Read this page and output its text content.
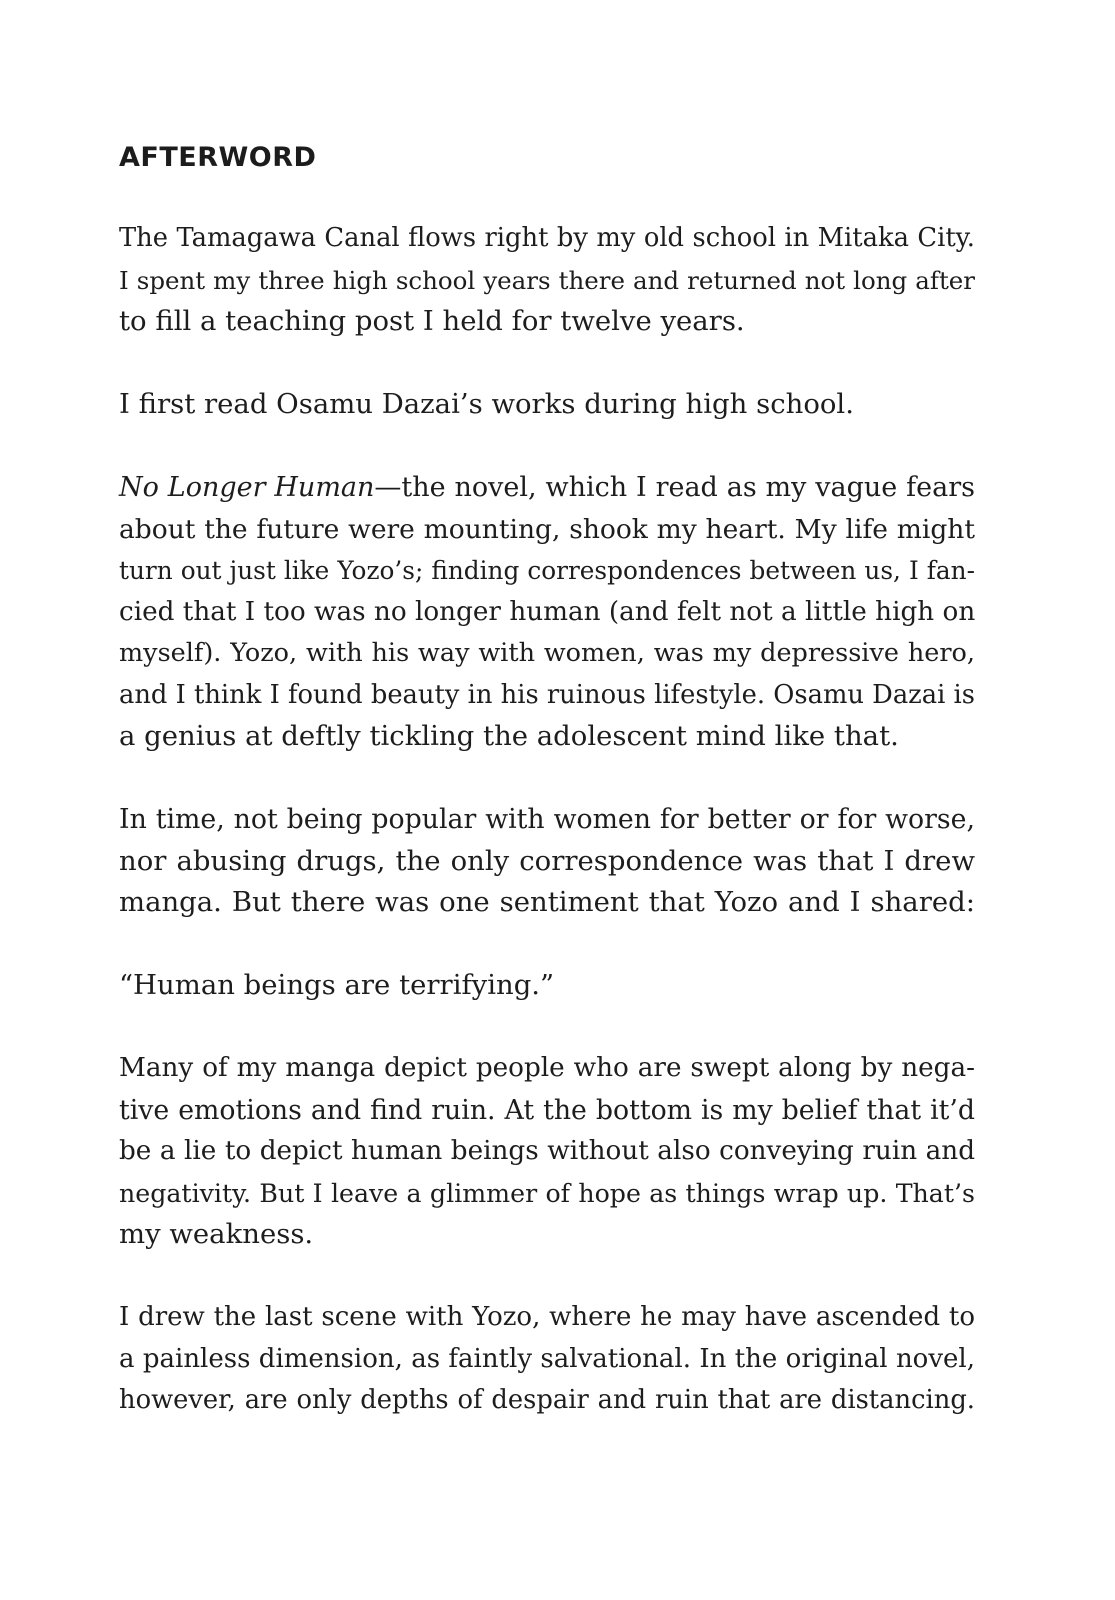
AFTERWORD

The Tamagawa Canal flows right by my old school in Mitaka City.
I spent my three high school years there and returned not long after
to fill a teaching post I held for twelve years.

I first read Osamu Dazai’s works during high school.

No Longer Human—the novel, which I read as my vague fears
about the future were mounting, shook my heart. My life might
turn out just like Yozo’s; finding correspondences between us, I fan-
cied that I too was no longer human (and felt not a little high on
myself). Yozo, with his way with women, was my depressive hero,
and I think I found beauty in his ruinous lifestyle. Osamu Dazai is
a genius at deftly tickling the adolescent mind like that.

In time, not being popular with women for better or for worse,
nor abusing drugs, the only correspondence was that I drew
manga. But there was one sentiment that Yozo and I shared:

“Human beings are terrifying.”

Many of my manga depict people who are swept along by nega-
tive emotions and find ruin. At the bottom is my belief that it’d
be a lie to depict human beings without also conveying ruin and
negativity. But I leave a glimmer of hope as things wrap up. That’s
my weakness.

I drew the last scene with Yozo, where he may have ascended to
a painless dimension, as faintly salvational. In the original novel,
however, are only depths of despair and ruin that are distancing.
